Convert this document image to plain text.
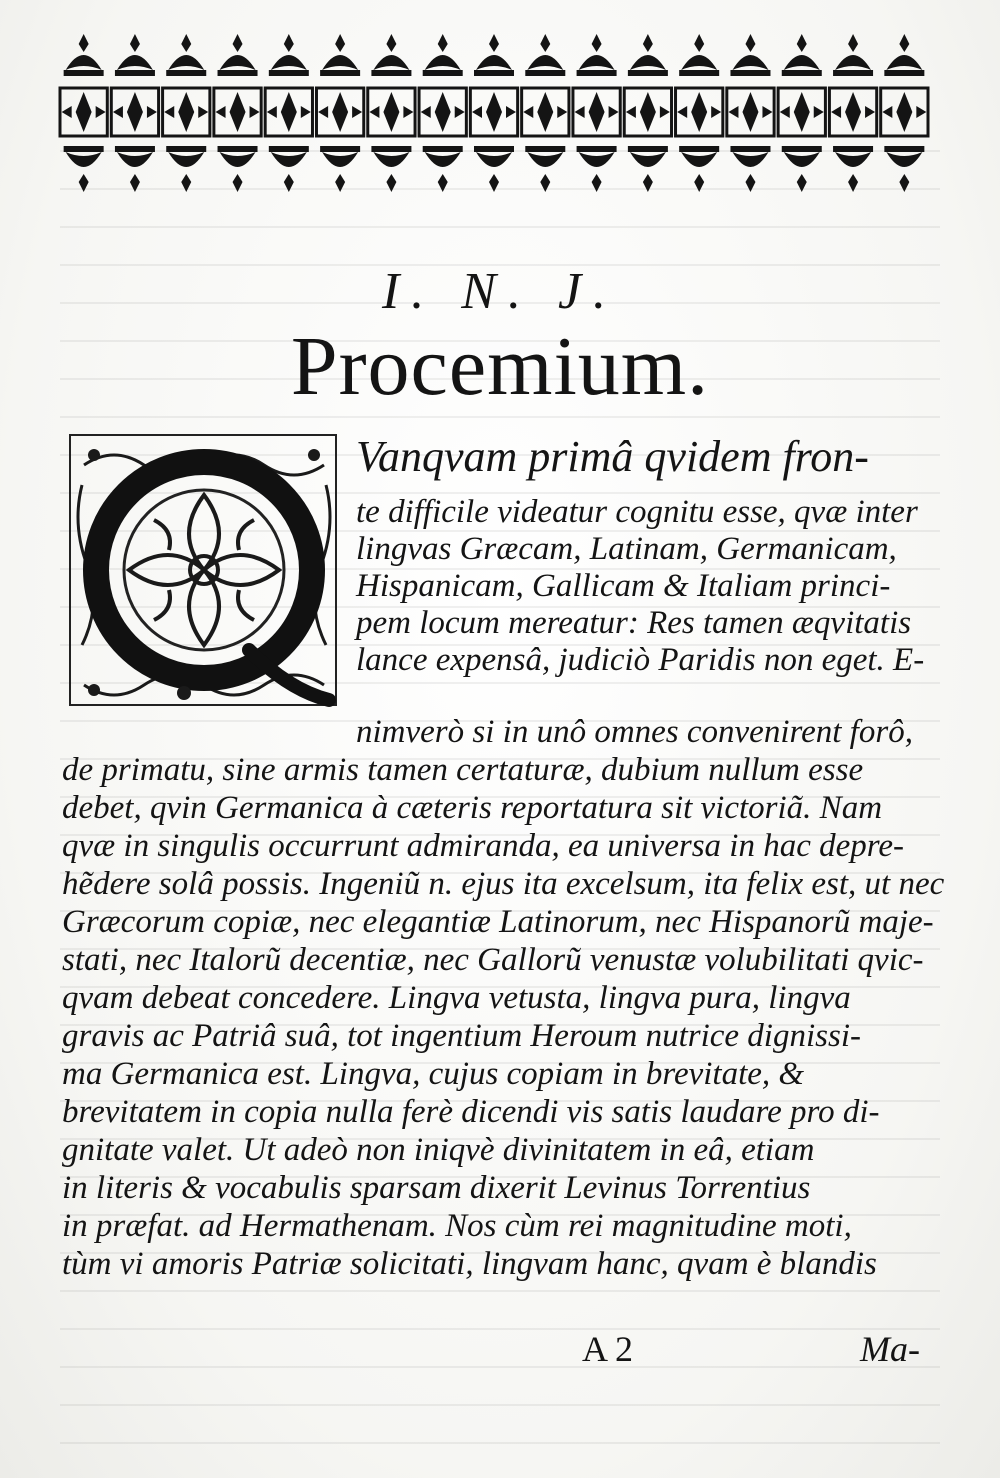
I. N. J.
Procemium.
Vanqvam primâ qvidem fron-
te difficile videatur cognitu esse, qvæ inter
lingvas Græcam, Latinam, Germanicam,
Hispanicam, Gallicam & Italiam princi-
pem locum mereatur: Res tamen æqvitatis
lance expensâ, judiciò Paridis non eget. E-
nimverò si in unô omnes convenirent forô,
de primatu, sine armis tamen certaturæ, dubium nullum esse
debet, qvin Germanica à cæteris reportatura sit victoriã. Nam
qvæ in singulis occurrunt admiranda, ea universa in hac depre-
hẽdere solâ possis. Ingeniũ n. ejus ita excelsum, ita felix est, ut nec
Græcorum copiæ, nec elegantiæ Latinorum, nec Hispanorũ maje-
stati, nec Italorũ decentiæ, nec Gallorũ venustæ volubilitati qvic-
qvam debeat concedere. Lingva vetusta, lingva pura, lingva
gravis ac Patriâ suâ, tot ingentium Heroum nutrice dignissi-
ma Germanica est. Lingva, cujus copiam in brevitate, &
brevitatem in copia nulla ferè dicendi vis satis laudare pro di-
gnitate valet. Ut adeò non iniqvè divinitatem in eâ, etiam
in literis & vocabulis sparsam dixerit Levinus Torrentius
in præfat. ad Hermathenam. Nos cùm rei magnitudine moti,
tùm vi amoris Patriæ solicitati, lingvam hanc, qvam è blandis
A 2	Ma-
